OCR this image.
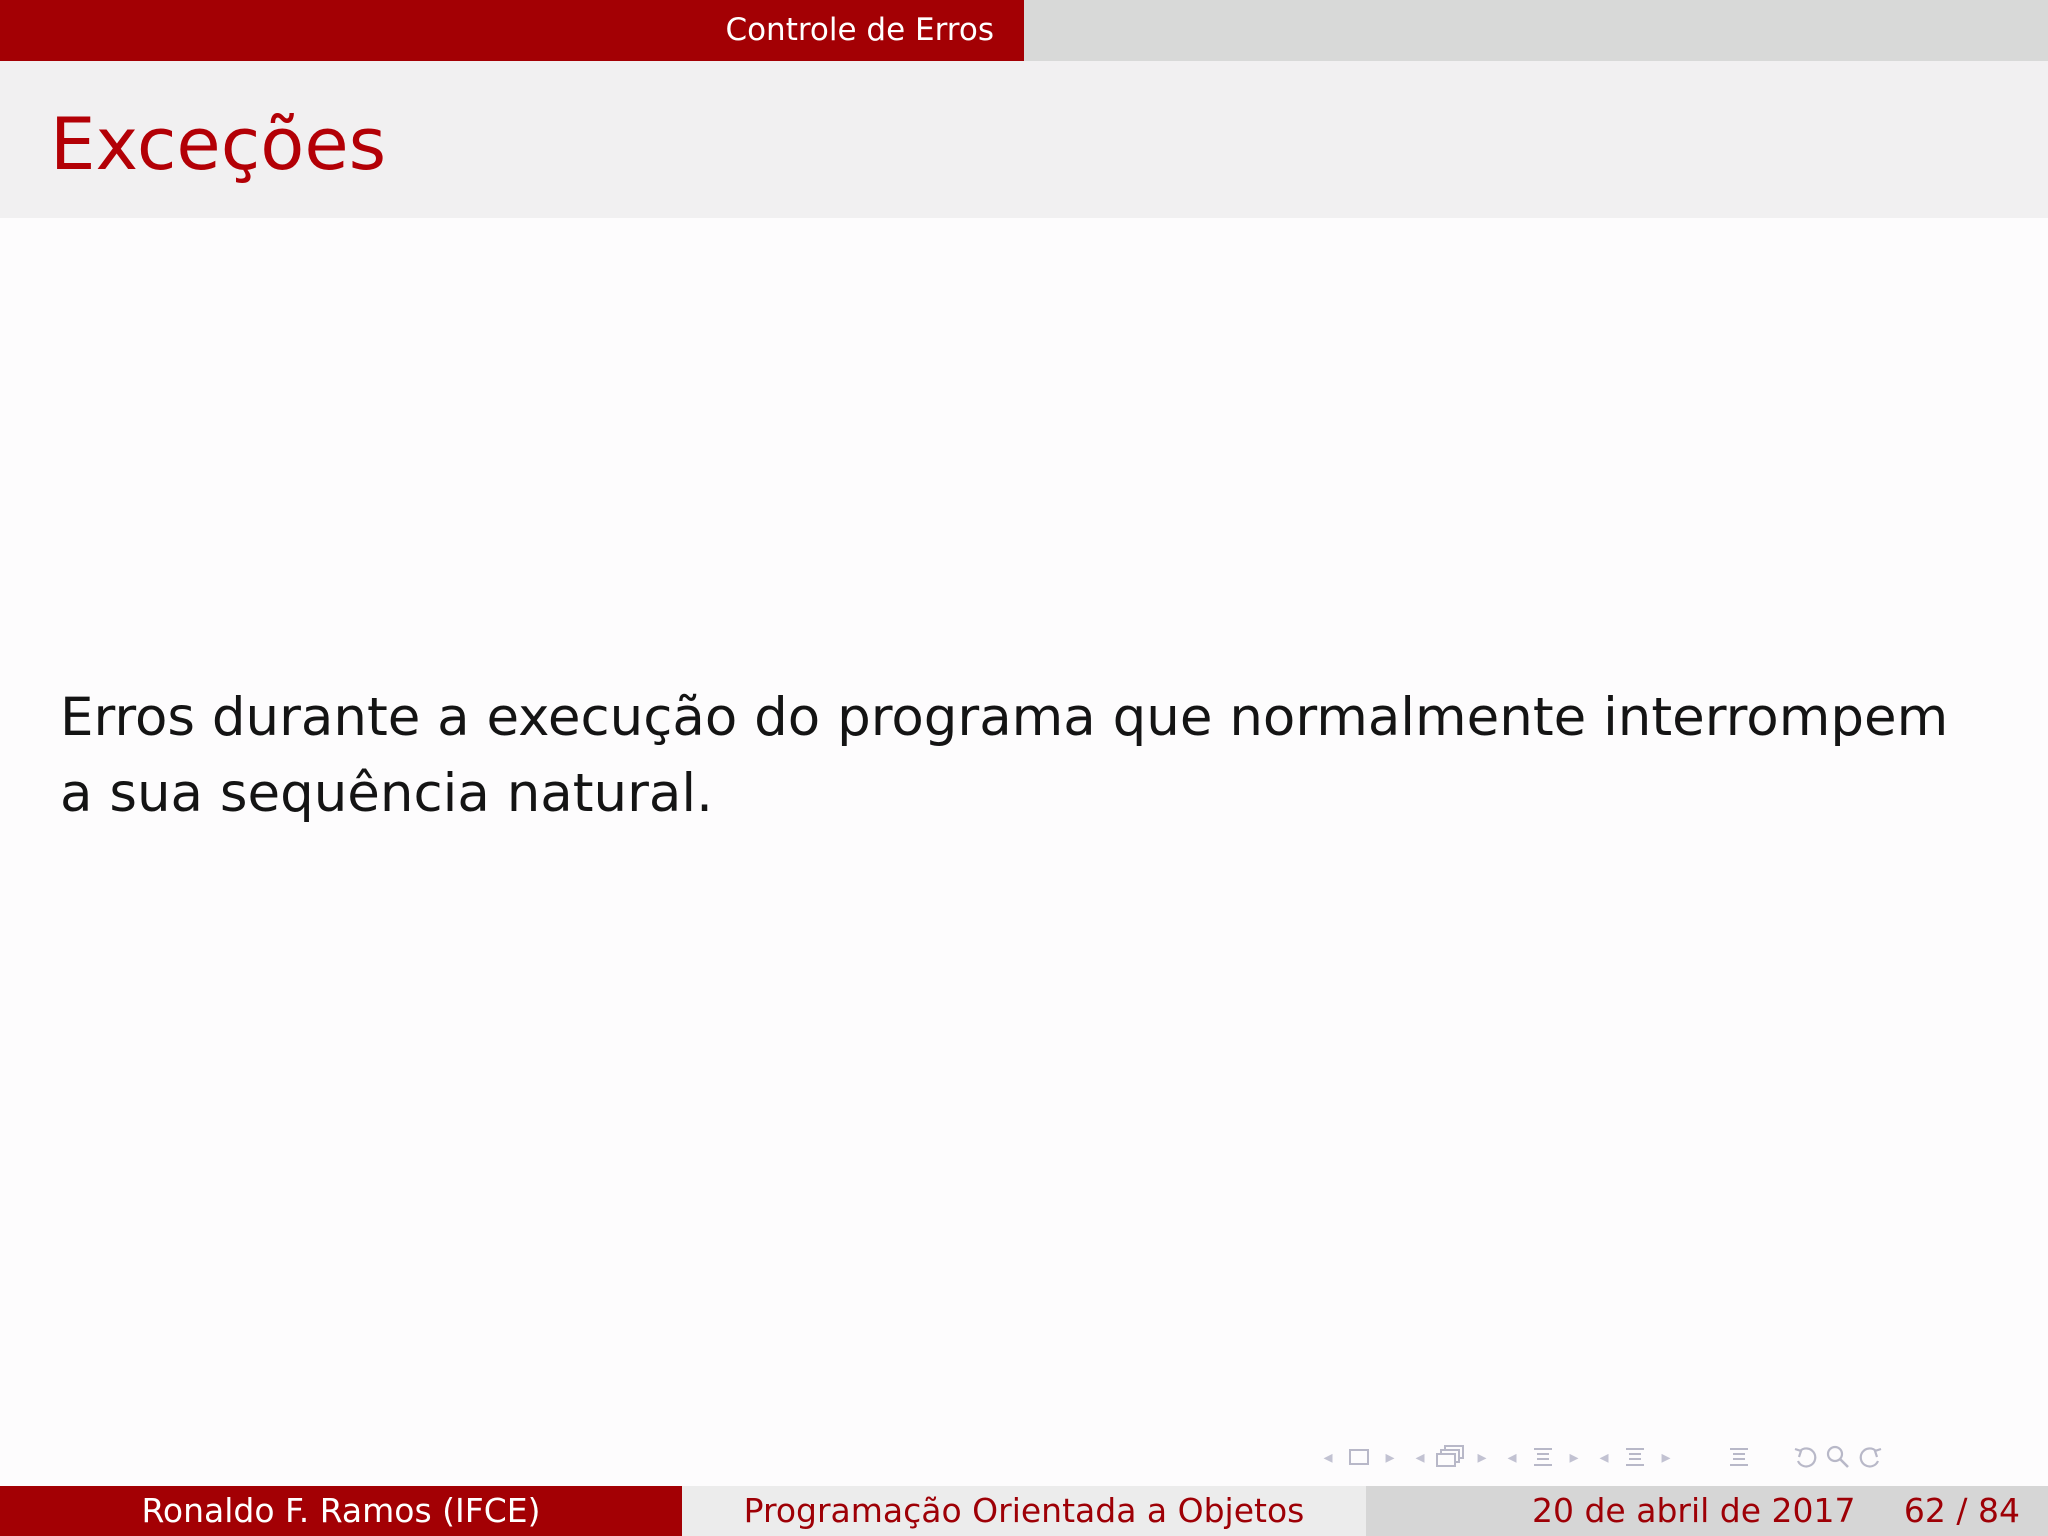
Controle de Erros
Exceções

Erros durante a execução do programa que normalmente interrompem a sua sequência natural.

◂	▸ ◂	▸ ◂	▸ ◂	▸
Ronaldo F. Ramos (IFCE)	Programação Orientada a Objetos	20 de abril de 2017 62 / 84
